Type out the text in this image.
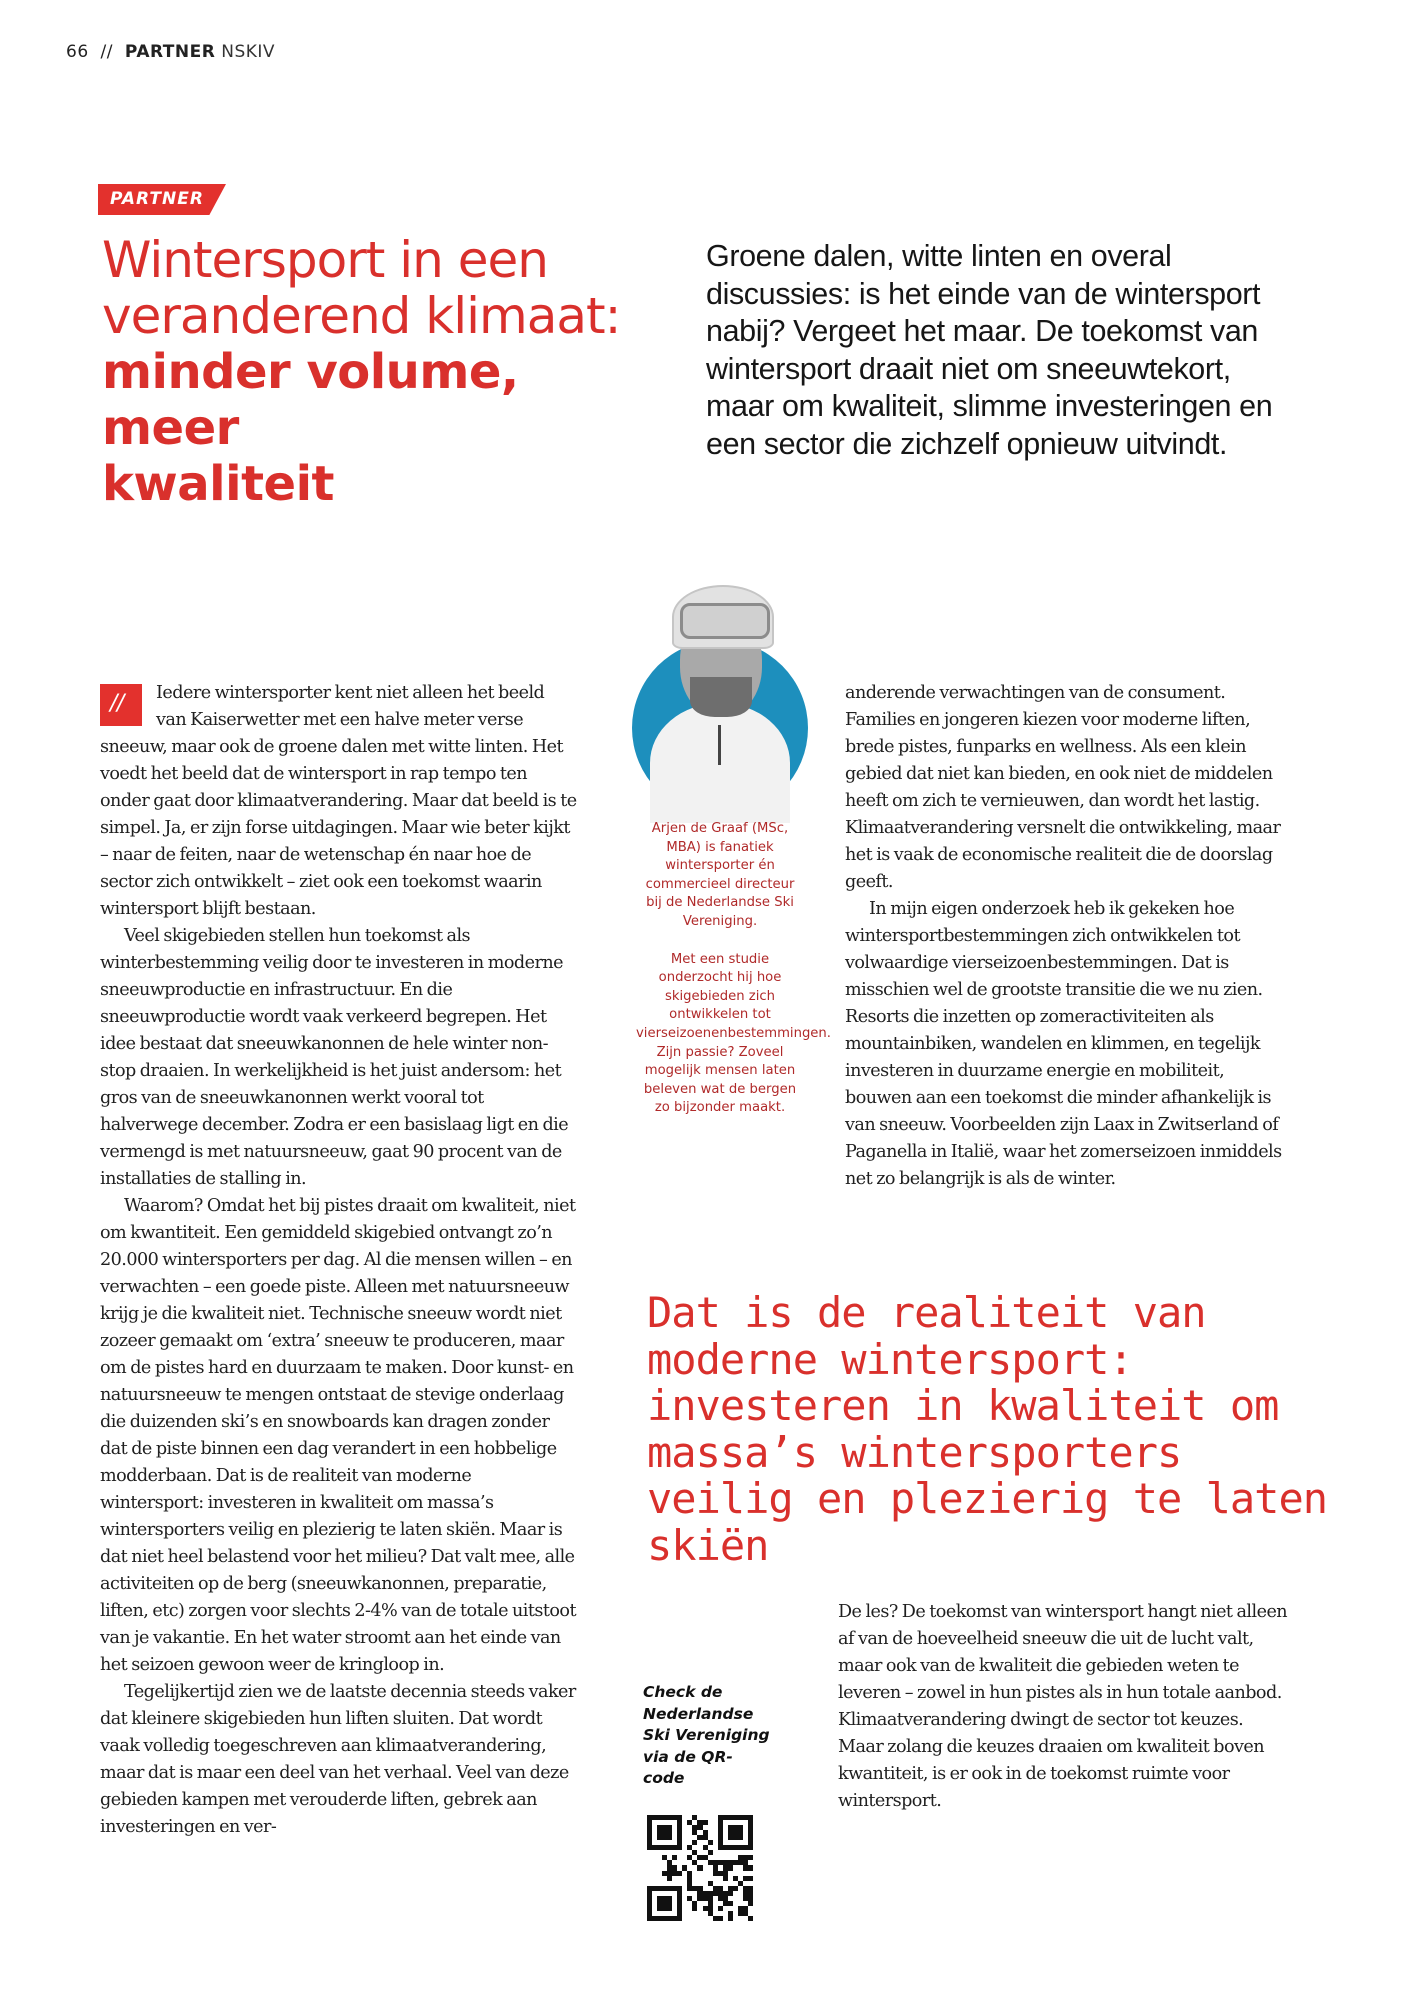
66 // PARTNER NSKIV
PARTNER
Wintersport in een
veranderend klimaat:
minder volume, meer
kwaliteit
Groene dalen, witte linten en overal discussies: is het einde van de wintersport nabij? Vergeet het maar. De toekomst van wintersport draait niet om sneeuwtekort, maar om kwaliteit, slimme investeringen en een sector die zichzelf opnieuw uitvindt.
//	Iedere wintersporter kent niet alleen het beeld van Kaiserwetter met een halve meter verse sneeuw, maar ook de groene dalen met witte linten. Het voedt het beeld dat de wintersport in rap tempo ten onder gaat door klimaatverandering. Maar dat beeld is te simpel. Ja, er zijn forse uitdagingen. Maar wie beter kijkt – naar de feiten, naar de wetenschap én naar hoe de sector zich ontwikkelt – ziet ook een toekomst waarin wintersport blijft bestaan.

Veel skigebieden stellen hun toekomst als winterbestemming veilig door te investeren in moderne sneeuwproductie en infrastructuur. En die sneeuwproductie wordt vaak verkeerd begrepen. Het idee bestaat dat sneeuwkanonnen de hele winter non-stop draaien. In werkelijkheid is het juist andersom: het gros van de sneeuwkanonnen werkt vooral tot halverwege december. Zodra er een basislaag ligt en die vermengd is met natuursneeuw, gaat 90 procent van de installaties de stalling in.

Waarom? Omdat het bij pistes draait om kwaliteit, niet om kwantiteit. Een gemiddeld skigebied ontvangt zo’n 20.000 wintersporters per dag. Al die mensen willen – en verwachten – een goede piste. Alleen met natuursneeuw krijg je die kwaliteit niet. Technische sneeuw wordt niet zozeer gemaakt om ‘extra’ sneeuw te produceren, maar om de pistes hard en duurzaam te maken. Door kunst- en natuursneeuw te mengen ontstaat de stevige onderlaag die duizenden ski’s en snowboards kan dragen zonder dat de piste binnen een dag verandert in een hobbelige modderbaan. Dat is de realiteit van moderne wintersport: investeren in kwaliteit om massa’s wintersporters veilig en plezierig te laten skiën. Maar is dat niet heel belastend voor het milieu? Dat valt mee, alle activiteiten op de berg (sneeuwkanonnen, preparatie, liften, etc) zorgen voor slechts 2-4% van de totale uitstoot van je vakantie. En het water stroomt aan het einde van het seizoen gewoon weer de kringloop in.

Tegelijkertijd zien we de laatste decennia steeds vaker dat kleinere skigebieden hun liften sluiten. Dat wordt vaak volledig toegeschreven aan klimaatverandering, maar dat is maar een deel van het verhaal. Veel van deze gebieden kampen met verouderde liften, gebrek aan investeringen en ver-

Arjen de Graaf (MSc, MBA) is fanatiek wintersporter én commercieel directeur bij de Nederlandse Ski Vereniging.

Met een studie onderzocht hij hoe skigebieden zich ontwikkelen tot vierseizoenenbestemmingen. Zijn passie? Zoveel mogelijk mensen laten beleven wat de bergen zo bijzonder maakt.

anderende verwachtingen van de consument. Families en jongeren kiezen voor moderne liften, brede pistes, funparks en wellness. Als een klein gebied dat niet kan bieden, en ook niet de middelen heeft om zich te vernieuwen, dan wordt het lastig. Klimaatverandering versnelt die ontwikkeling, maar het is vaak de economische realiteit die de doorslag geeft.

In mijn eigen onderzoek heb ik gekeken hoe wintersportbestemmingen zich ontwikkelen tot volwaardige vierseizoenbestemmingen. Dat is misschien wel de grootste transitie die we nu zien. Resorts die inzetten op zomeractiviteiten als mountainbiken, wandelen en klimmen, en tegelijk investeren in duurzame energie en mobiliteit, bouwen aan een toekomst die minder afhankelijk is van sneeuw. Voorbeelden zijn Laax in Zwitserland of Paganella in Italië, waar het zomerseizoen inmiddels net zo belangrijk is als de winter.

Dat is de realiteit van moderne wintersport: investeren in kwaliteit om massa’s wintersporters veilig en plezierig te laten skiën
Check de Nederlandse Ski Vereniging via de QR-code

De les? De toekomst van wintersport hangt niet alleen af van de hoeveelheid sneeuw die uit de lucht valt, maar ook van de kwaliteit die gebieden weten te leveren – zowel in hun pistes als in hun totale aanbod. Klimaatverandering dwingt de sector tot keuzes. Maar zolang die keuzes draaien om kwaliteit boven kwantiteit, is er ook in de toekomst ruimte voor wintersport.
